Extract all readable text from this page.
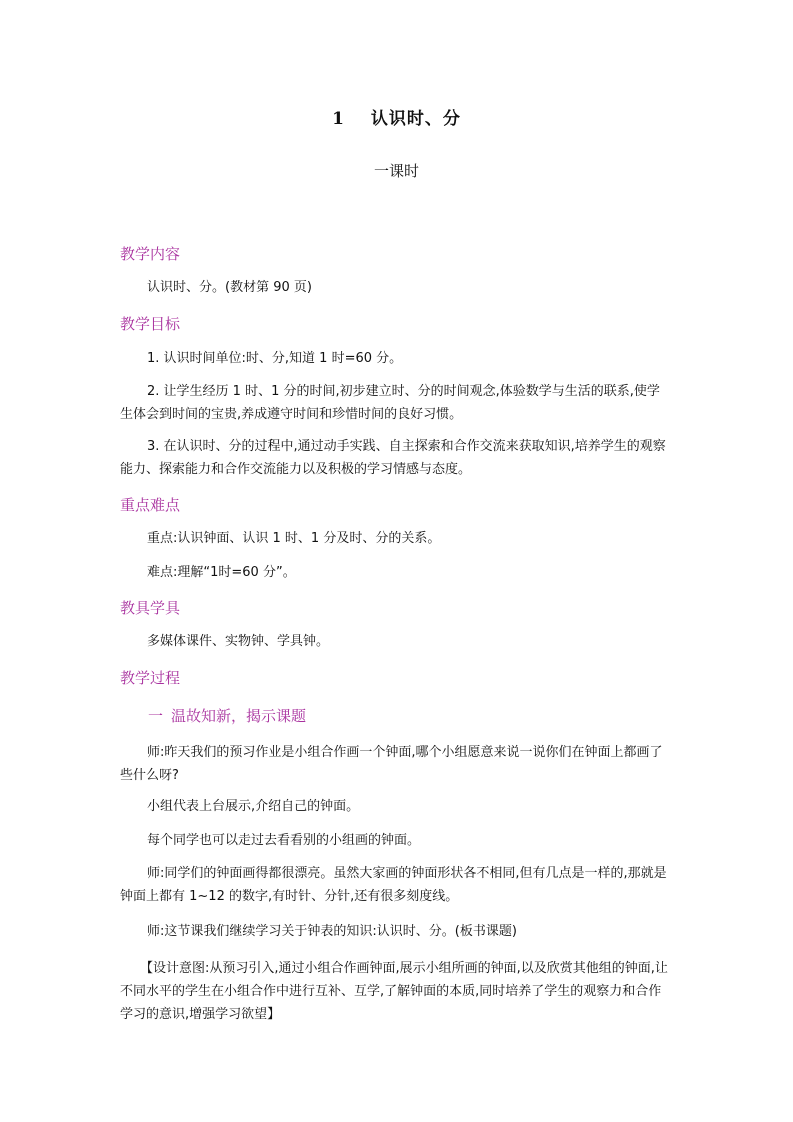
1 认识时、分
一课时
教学内容

认识时、分。(教材第 90 页)

教学目标

1. 认识时间单位:时、分,知道 1 时=60 分。

2. 让学生经历 1 时、1 分的时间,初步建立时、分的时间观念,体验数学与生活的联系,使学生体会到时间的宝贵,养成遵守时间和珍惜时间的良好习惯。

3. 在认识时、分的过程中,通过动手实践、自主探索和合作交流来获取知识,培养学生的观察能力、探索能力和合作交流能力以及积极的学习情感与态度。

重点难点

重点:认识钟面、认识 1 时、1 分及时、分的关系。

难点:理解“1时=60 分”。

教具学具

多媒体课件、实物钟、学具钟。

教学过程
一 温故知新，揭示课题

师:昨天我们的预习作业是小组合作画一个钟面,哪个小组愿意来说一说你们在钟面上都画了些什么呀?

小组代表上台展示,介绍自己的钟面。

每个同学也可以走过去看看别的小组画的钟面。

师:同学们的钟面画得都很漂亮。虽然大家画的钟面形状各不相同,但有几点是一样的,那就是钟面上都有 1~12 的数字,有时针、分针,还有很多刻度线。

师:这节课我们继续学习关于钟表的知识:认识时、分。(板书课题)

【设计意图:从预习引入,通过小组合作画钟面,展示小组所画的钟面,以及欣赏其他组的钟面,让不同水平的学生在小组合作中进行互补、互学,了解钟面的本质,同时培养了学生的观察力和合作学习的意识,增强学习欲望】
